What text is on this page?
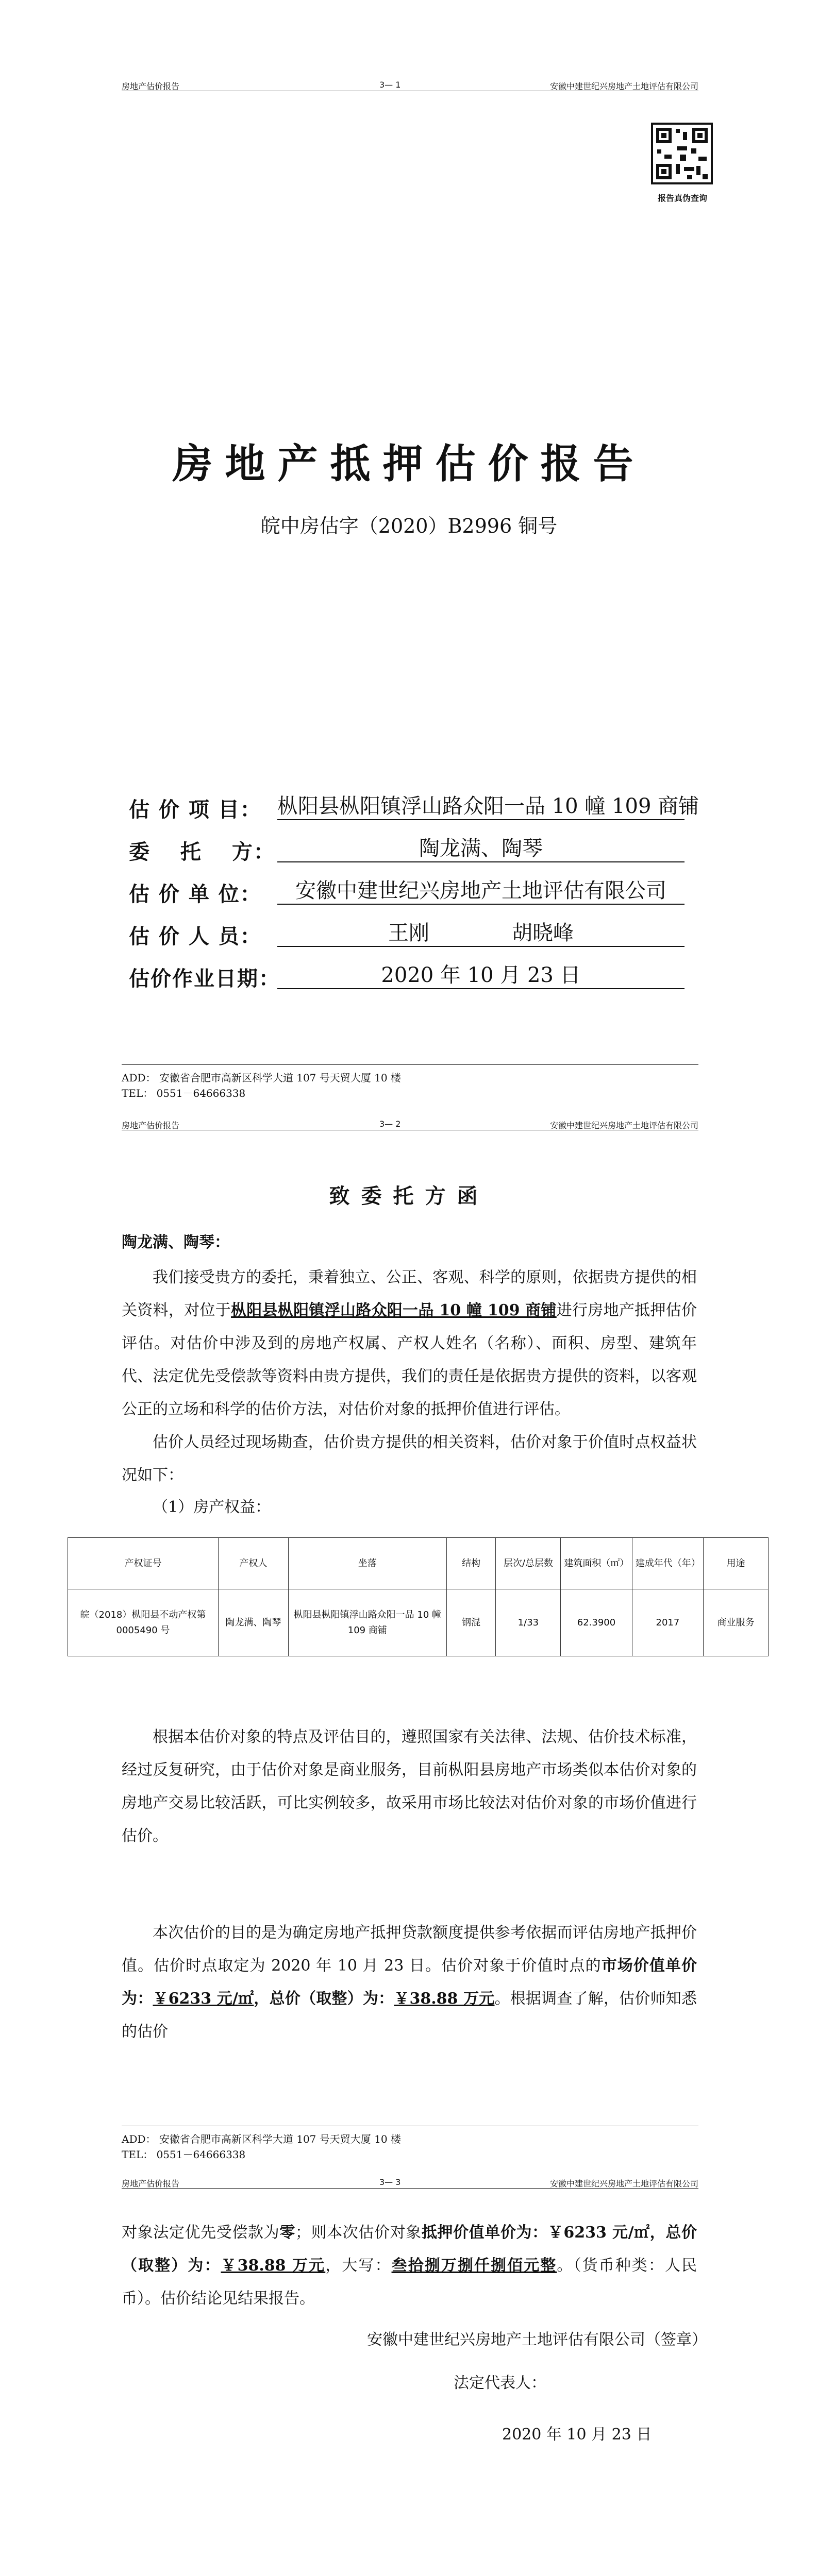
房地产估价报告	3— 1	安徽中建世纪兴房地产土地评估有限公司
报告真伪查询
房地产抵押估价报告
皖中房估字（2020）B2996 铜号
估 价 项 目： 枞阳县枞阳镇浮山路众阳一品 10 幢 109 商铺
委　 托　 方：	陶龙满、陶琴
估 价 单 位：	安徽中建世纪兴房地产土地评估有限公司
估 价 人 员：	王刚　　　　胡晓峰
估价作业日期：	2020 年 10 月 23 日
ADD： 安徽省合肥市高新区科学大道 107 号天贸大厦 10 楼
TEL： 0551－64666338
房地产估价报告	3— 2	安徽中建世纪兴房地产土地评估有限公司
致委托方函
陶龙满、陶琴：
我们接受贵方的委托，秉着独立、公正、客观、科学的原则，依据贵方提供的相关资料，对位于枞阳县枞阳镇浮山路众阳一品 10 幢 109 商铺进行房地产抵押估价评估。对估价中涉及到的房地产权属、产权人姓名（名称）、面积、房型、建筑年代、法定优先受偿款等资料由贵方提供，我们的责任是依据贵方提供的资料，以客观公正的立场和科学的估价方法，对估价对象的抵押价值进行评估。
估价人员经过现场勘查，估价贵方提供的相关资料，估价对象于价值时点权益状况如下：
（1）房产权益：
产权证号	产权人	坐落	结构	层次/总层数	建筑面积（㎡）	建成年代（年）	用途
皖（2018）枞阳县不动产权第 0005490 号	陶龙满、陶琴	枞阳县枞阳镇浮山路众阳一品 10 幢 109 商铺	钢混	1/33	62.3900	2017	商业服务
根据本估价对象的特点及评估目的，遵照国家有关法律、法规、估价技术标准，经过反复研究，由于估价对象是商业服务，目前枞阳县房地产市场类似本估价对象的房地产交易比较活跃，可比实例较多，故采用市场比较法对估价对象的市场价值进行估价。
本次估价的目的是为确定房地产抵押贷款额度提供参考依据而评估房地产抵押价值。估价时点取定为 2020 年 10 月 23 日。估价对象于价值时点的市场价值单价为：￥6233 元/㎡，总价（取整）为：￥38.88 万元。根据调查了解，估价师知悉的估价
ADD： 安徽省合肥市高新区科学大道 107 号天贸大厦 10 楼
TEL： 0551－64666338
房地产估价报告	3— 3	安徽中建世纪兴房地产土地评估有限公司
对象法定优先受偿款为零；则本次估价对象抵押价值单价为：￥6233 元/㎡，总价（取整）为：￥38.88 万元，大写：叁拾捌万捌仟捌佰元整。（货币种类：人民币）。估价结论见结果报告。
安徽中建世纪兴房地产土地评估有限公司（签章）
法定代表人：
2020 年 10 月 23 日
